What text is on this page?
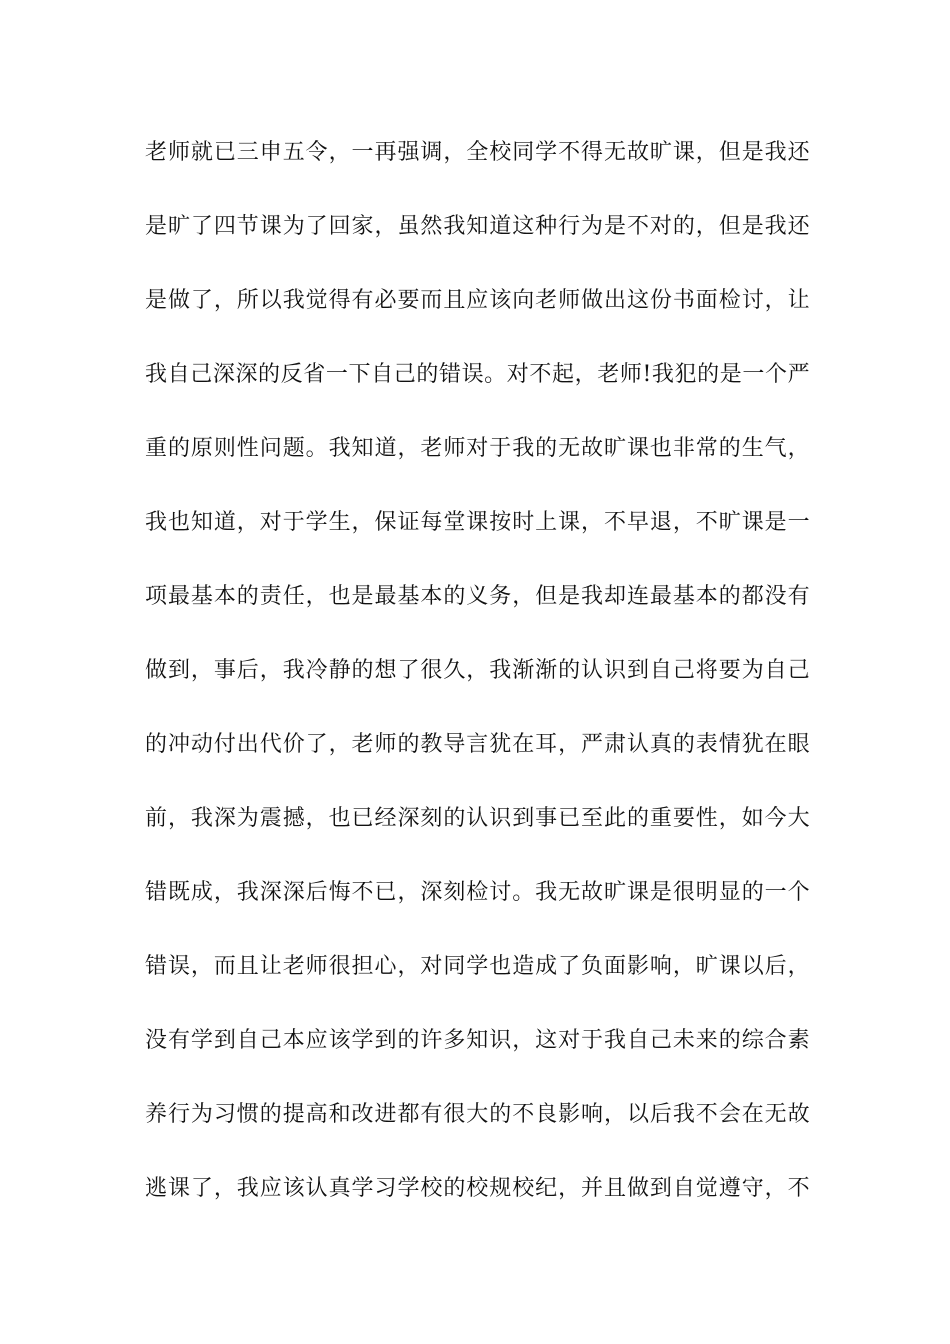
老师就已三申五令，一再强调，全校同学不得无故旷课，但是我还
是旷了四节课为了回家，虽然我知道这种行为是不对的，但是我还
是做了，所以我觉得有必要而且应该向老师做出这份书面检讨，让
我自己深深的反省一下自己的错误。对不起，老师!我犯的是一个严
重的原则性问题。我知道，老师对于我的无故旷课也非常的生气，
我也知道，对于学生，保证每堂课按时上课，不早退，不旷课是一
项最基本的责任，也是最基本的义务，但是我却连最基本的都没有
做到，事后，我冷静的想了很久，我渐渐的认识到自己将要为自己
的冲动付出代价了，老师的教导言犹在耳，严肃认真的表情犹在眼
前，我深为震撼，也已经深刻的认识到事已至此的重要性，如今大
错既成，我深深后悔不已，深刻检讨。我无故旷课是很明显的一个
错误，而且让老师很担心，对同学也造成了负面影响，旷课以后，
没有学到自己本应该学到的许多知识，这对于我自己未来的综合素
养行为习惯的提高和改进都有很大的不良影响，以后我不会在无故
逃课了，我应该认真学习学校的校规校纪，并且做到自觉遵守，不
